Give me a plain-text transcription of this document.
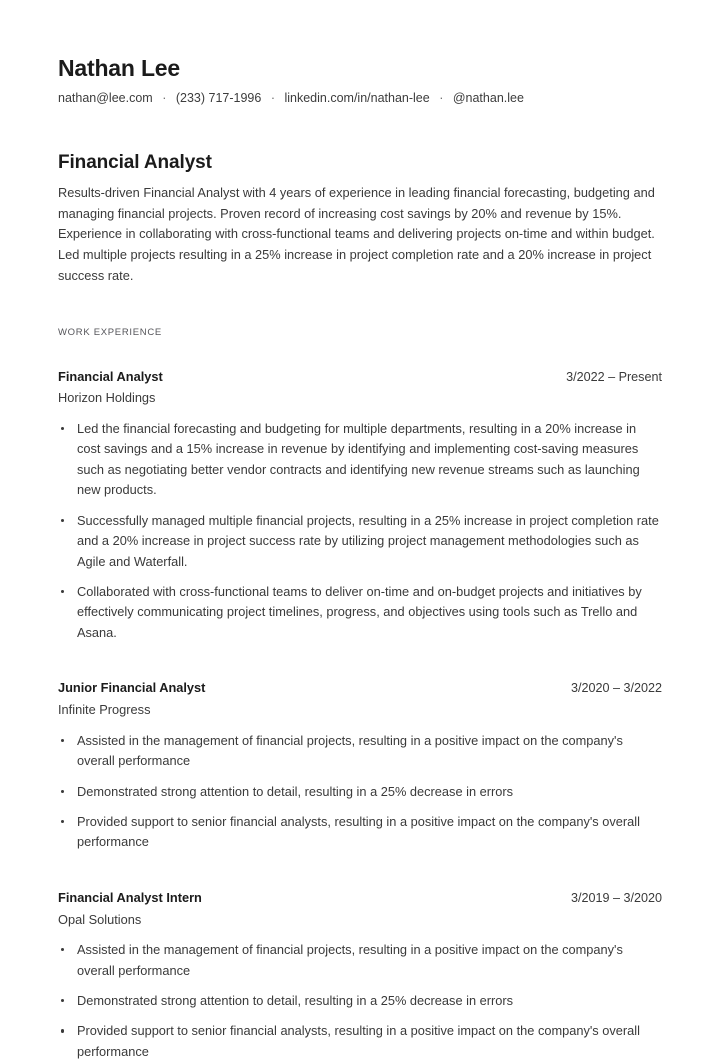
Nathan Lee
nathan@lee.com · (233) 717-1996 · linkedin.com/in/nathan-lee · @nathan.lee
Financial Analyst

Results-driven Financial Analyst with 4 years of experience in leading financial forecasting, budgeting and managing financial projects. Proven record of increasing cost savings by 20% and revenue by 15%. Experience in collaborating with cross-functional teams and delivering projects on-time and within budget. Led multiple projects resulting in a 25% increase in project completion rate and a 20% increase in project success rate.

WORK EXPERIENCE
Financial Analyst	3/2022 – Present
Horizon Holdings
Led the financial forecasting and budgeting for multiple departments, resulting in a 20% increase in cost savings and a 15% increase in revenue by identifying and implementing cost-saving measures such as negotiating better vendor contracts and identifying new revenue streams such as launching new products.
Successfully managed multiple financial projects, resulting in a 25% increase in project completion rate and a 20% increase in project success rate by utilizing project management methodologies such as Agile and Waterfall.
Collaborated with cross-functional teams to deliver on-time and on-budget projects and initiatives by effectively communicating project timelines, progress, and objectives using tools such as Trello and Asana.
Junior Financial Analyst	3/2020 – 3/2022
Infinite Progress
Assisted in the management of financial projects, resulting in a positive impact on the company's overall performance
Demonstrated strong attention to detail, resulting in a 25% decrease in errors
Provided support to senior financial analysts, resulting in a positive impact on the company's overall performance
Financial Analyst Intern	3/2019 – 3/2020
Opal Solutions
Assisted in the management of financial projects, resulting in a positive impact on the company's overall performance
Demonstrated strong attention to detail, resulting in a 25% decrease in errors
Provided support to senior financial analysts, resulting in a positive impact on the company's overall performance
